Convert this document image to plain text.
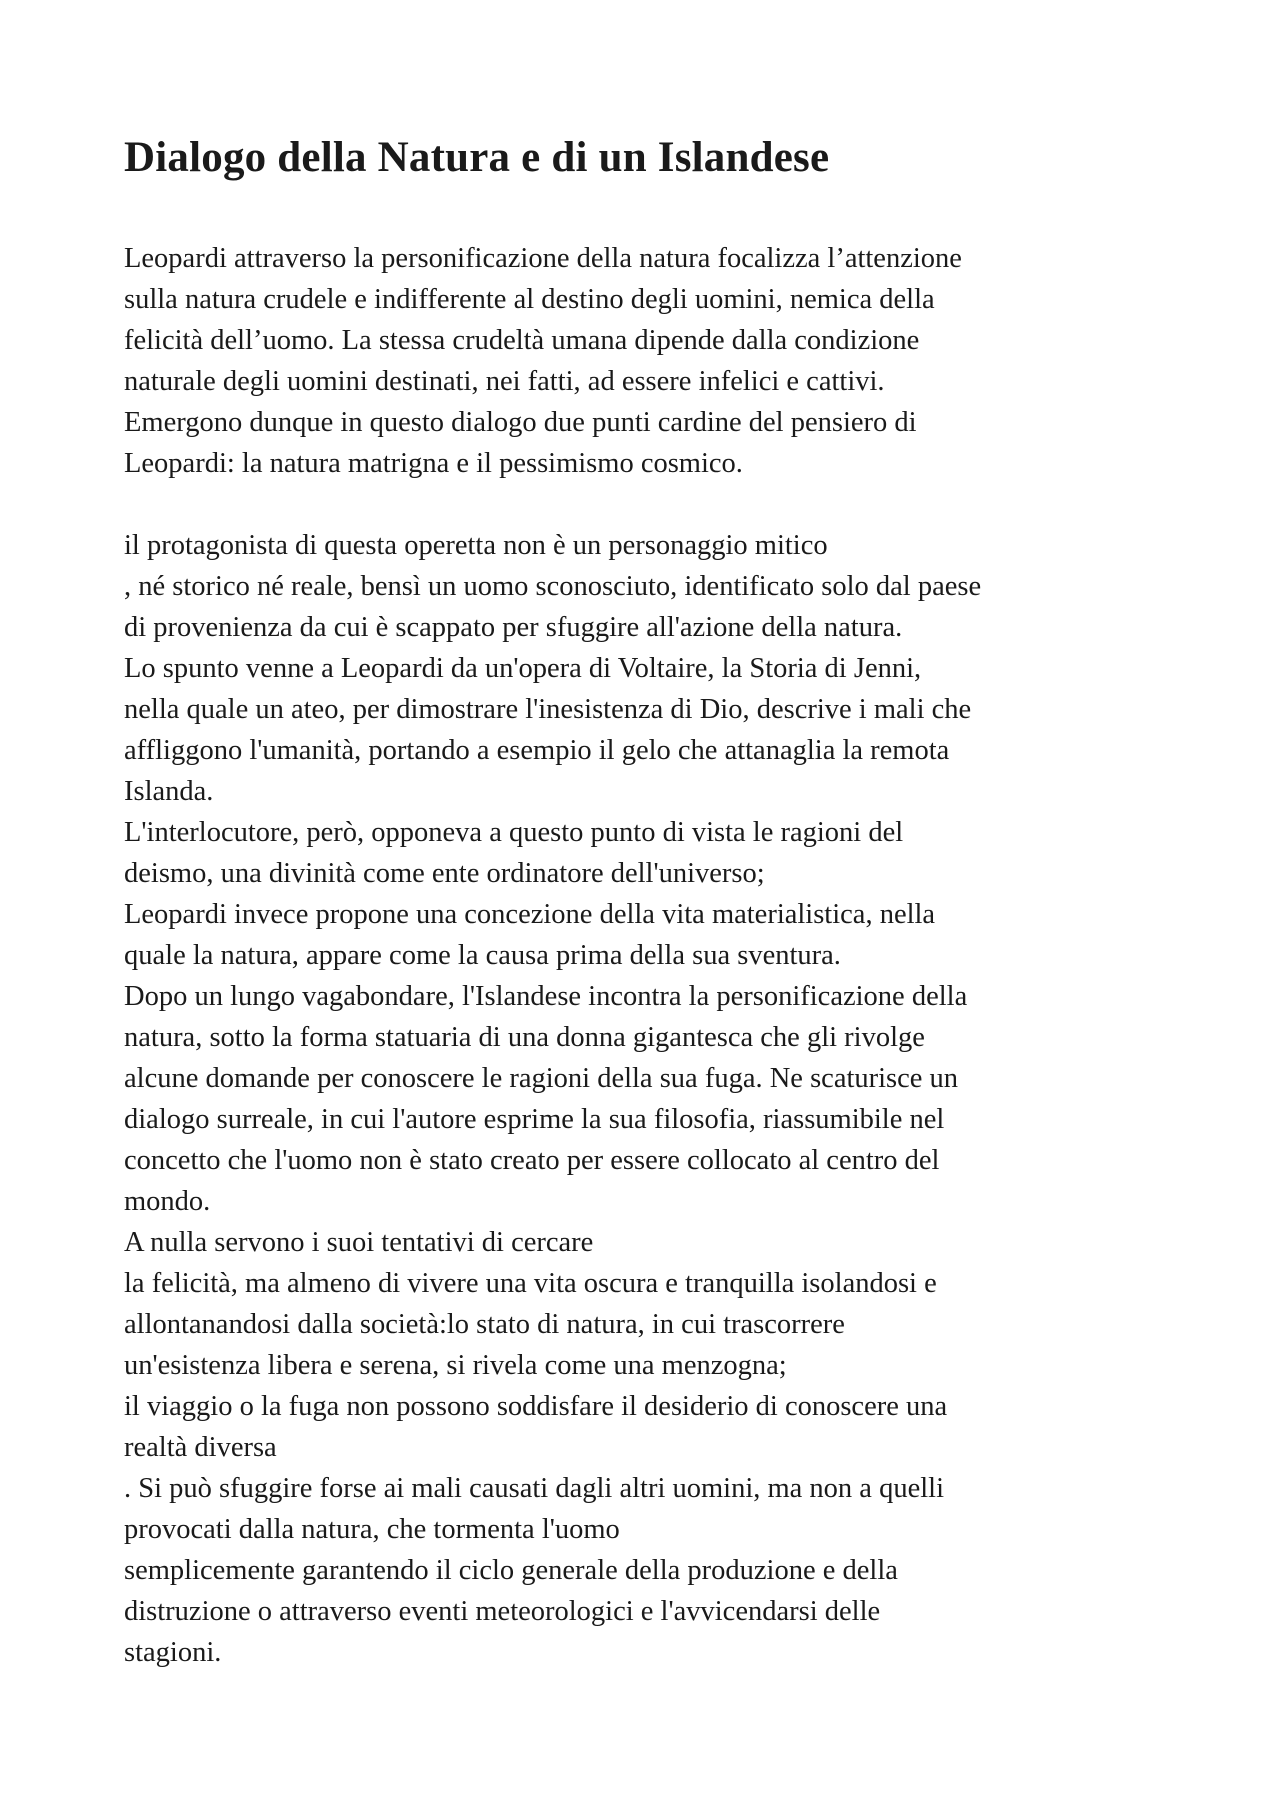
Dialogo della Natura e di un Islandese
Leopardi attraverso la personificazione della natura focalizza l’attenzione
sulla natura crudele e indifferente al destino degli uomini, nemica della
felicità dell’uomo. La stessa crudeltà umana dipende dalla condizione
naturale degli uomini destinati, nei fatti, ad essere infelici e cattivi.
Emergono dunque in questo dialogo due punti cardine del pensiero di
Leopardi: la natura matrigna e il pessimismo cosmico.
il protagonista di questa operetta non è un personaggio mitico
, né storico né reale, bensì un uomo sconosciuto, identificato solo dal paese
di provenienza da cui è scappato per sfuggire all'azione della natura.
Lo spunto venne a Leopardi da un'opera di Voltaire, la Storia di Jenni,
nella quale un ateo, per dimostrare l'inesistenza di Dio, descrive i mali che
affliggono l'umanità, portando a esempio il gelo che attanaglia la remota
Islanda.
L'interlocutore, però, opponeva a questo punto di vista le ragioni del
deismo, una divinità come ente ordinatore dell'universo;
Leopardi invece propone una concezione della vita materialistica, nella
quale la natura, appare come la causa prima della sua sventura.
Dopo un lungo vagabondare, l'Islandese incontra la personificazione della
natura, sotto la forma statuaria di una donna gigantesca che gli rivolge
alcune domande per conoscere le ragioni della sua fuga. Ne scaturisce un
dialogo surreale, in cui l'autore esprime la sua filosofia, riassumibile nel
concetto che l'uomo non è stato creato per essere collocato al centro del
mondo.
A nulla servono i suoi tentativi di cercare
la felicità, ma almeno di vivere una vita oscura e tranquilla isolandosi e
allontanandosi dalla società:lo stato di natura, in cui trascorrere
un'esistenza libera e serena, si rivela come una menzogna;
il viaggio o la fuga non possono soddisfare il desiderio di conoscere una
realtà diversa
. Si può sfuggire forse ai mali causati dagli altri uomini, ma non a quelli
provocati dalla natura, che tormenta l'uomo
semplicemente garantendo il ciclo generale della produzione e della
distruzione o attraverso eventi meteorologici e l'avvicendarsi delle
stagioni.
